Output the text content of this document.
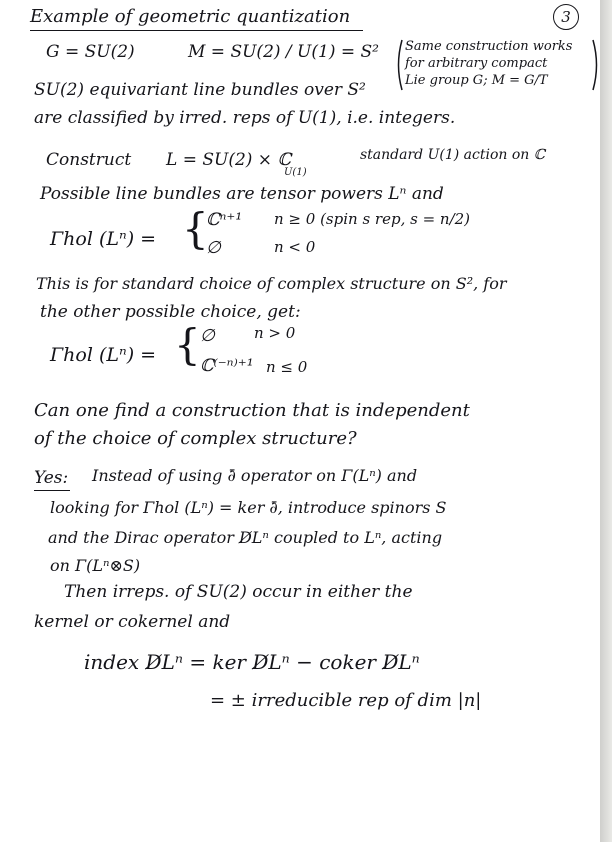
Example of geometric quantization	3
G = SU(2)	M = SU(2) / U(1) = S² Same construction works
for arbitrary compact
Lie group G; M = G/T
SU(2) equivariant line bundles over S²
are classified by irred. reps of U(1), i.e. integers.
Construct L = SU(2) × ℂ
U(1)
standard U(1) action on ℂ
Possible line bundles are tensor powers Lⁿ and
Γhol (Lⁿ) = {
ℂⁿ⁺¹ n ≥ 0 (spin s rep, s = n/2)
∅	n < 0
This is for standard choice of complex structure on S², for
the other possible choice, get:
Γhol (Lⁿ) = { ∅	n > 0
ℂ⁽⁻ⁿ⁾⁺¹ n ≤ 0
Can one find a construction that is independent
of the choice of complex structure?
Yes: Instead of using ∂̄ operator on Γ(Lⁿ) and
looking for Γhol (Lⁿ) = ker ∂̄, introduce spinors S
and the Dirac operator D̸Lⁿ coupled to Lⁿ, acting
on Γ(Lⁿ⊗S)
Then irreps. of SU(2) occur in either the
kernel or cokernel and
index D̸Lⁿ = ker D̸Lⁿ − coker D̸Lⁿ
= ± irreducible rep of dim |n|
